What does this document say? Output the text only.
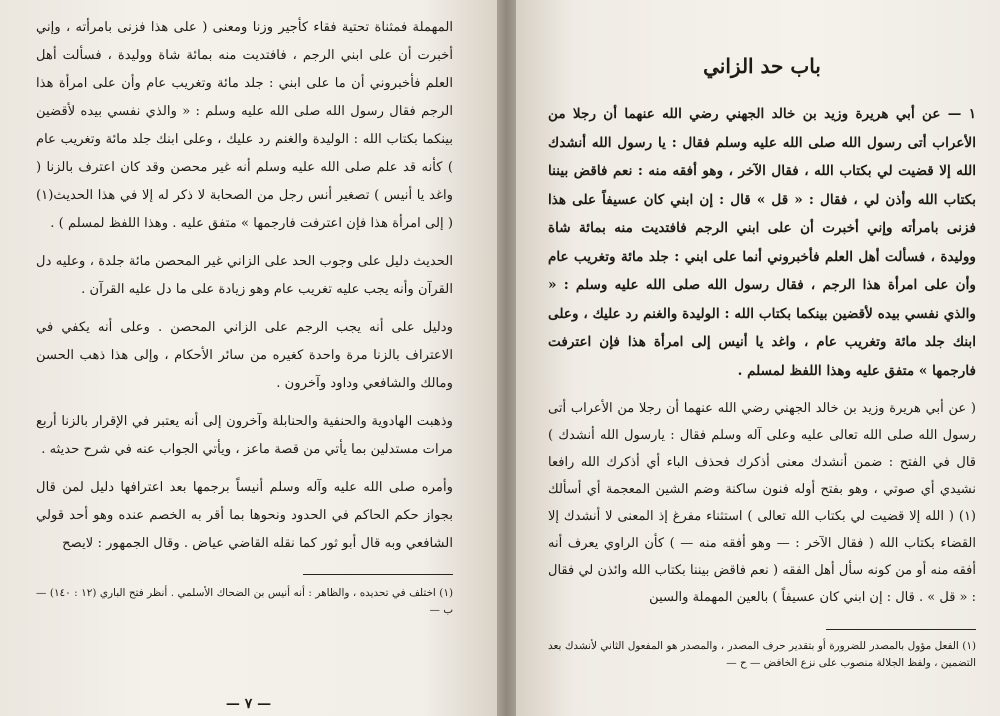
المهملة فمثناة تحتية فقاء كأجير وزنا ومعنى ( على هذا فزنى بامرأته ، وإني أخبرت أن على ابني الرجم ، فافتديت منه بمائة شاة ووليدة ، فسألت أهل العلم فأخبروني أن ما على ابني : جلد مائة وتغريب عام وأن على امرأة هذا الرجم فقال رسول الله صلى الله عليه وسلم : « والذي نفسي بيده لأقضين بينكما بكتاب الله : الوليدة والغنم رد عليك ، وعلى ابنك جلد مائة وتغريب عام ) كأنه قد علم صلى الله عليه وسلم أنه غير محصن وقد كان اعترف بالزنا ( واغد يا أنيس ) تصغير أنس رجل من الصحابة لا ذكر له إلا في هذا الحديث(١) ( إلى امرأة هذا فإن اعترفت فارجمها » متفق عليه . وهذا اللفظ لمسلم ) .

الحديث دليل على وجوب الحد على الزاني غير المحصن مائة جلدة ، وعليه دل القرآن وأنه يجب عليه تغريب عام وهو زيادة على ما دل عليه القرآن .

ودليل على أنه يجب الرجم على الزاني المحصن . وعلى أنه يكفي في الاعتراف بالزنا مرة واحدة كغيره من سائر الأحكام ، وإلى هذا ذهب الحسن ومالك والشافعي وداود وآخرون .

وذهبت الهادوية والحنفية والحنابلة وآخرون إلى أنه يعتبر في الإقرار بالزنا أربع مرات مستدلين بما يأتي من قصة ماعز ، ويأتي الجواب عنه في شرح حديثه .

وأمره صلى الله عليه وآله وسلم أنيساً برجمها بعد اعترافها دليل لمن قال بجواز حكم الحاكم في الحدود ونحوها بما أقر به الخصم عنده وهو أحد قولي الشافعي وبه قال أبو ثور كما نقله القاضي عياض . وقال الجمهور : لايصح

(١) اختلف في تحديده ، والظاهر : أنه أنيس بن الضحاك الأسلمي . أنظر فتح الباري (١٢ : ١٤٠) — ب —

— ٧ —
باب حد الزاني

١ — عن أبي هريرة وزيد بن خالد الجهني رضي الله عنهما أن رجلا من الأعراب أتى رسول الله صلى الله عليه وسلم فقال : يا رسول الله أنشدك الله إلا قضيت لي بكتاب الله ، فقال الآخر ، وهو أفقه منه : نعم فاقض بيننا بكتاب الله وأذن لي ، فقال : « قل » قال : إن ابني كان عسيفاً على هذا فزنى بامرأته وإني أخبرت أن على ابني الرجم فافتديت منه بمائة شاة ووليدة ، فسألت أهل العلم فأخبروني أنما على ابني : جلد مائة وتغريب عام وأن على امرأة هذا الرجم ، فقال رسول الله صلى الله عليه وسلم : « والذي نفسي بيده لأقضين بينكما بكتاب الله : الوليدة والغنم رد عليك ، وعلى ابنك جلد مائة وتغريب عام ، واغد يا أنيس إلى امرأة هذا فإن اعترفت فارجمها » متفق عليه وهذا اللفظ لمسلم .

( عن أبي هريرة وزيد بن خالد الجهني رضي الله عنهما أن رجلا من الأعراب أتى رسول الله صلى الله تعالى عليه وعلى آله وسلم فقال : يارسول الله أنشدك ) قال في الفتح : ضمن أنشدك معنى أذكرك فحذف الباء أي أذكرك الله رافعا نشيدي أي صوتي ، وهو بفتح أوله فنون ساكنة وضم الشين المعجمة أي أسألك (١) ( الله إلا قضيت لي بكتاب الله تعالى ) استثناء مفرغ إذ المعنى لا أنشدك إلا القضاء بكتاب الله ( فقال الآخر : — وهو أفقه منه — ) كأن الراوي يعرف أنه أفقه منه أو من كونه سأل أهل الفقه ( نعم فاقض بيننا بكتاب الله وائذن لي فقال : « قل » . قال : إن ابني كان عسيفاً ) بالعين المهملة والسين

(١) الفعل مؤول بالمصدر للضرورة أو بتقدير حرف المصدر ، والمصدر هو المفعول الثاني لأنشدك بعد التضمين ، ولفظ الجلالة منصوب على نزع الخافض — ح —
